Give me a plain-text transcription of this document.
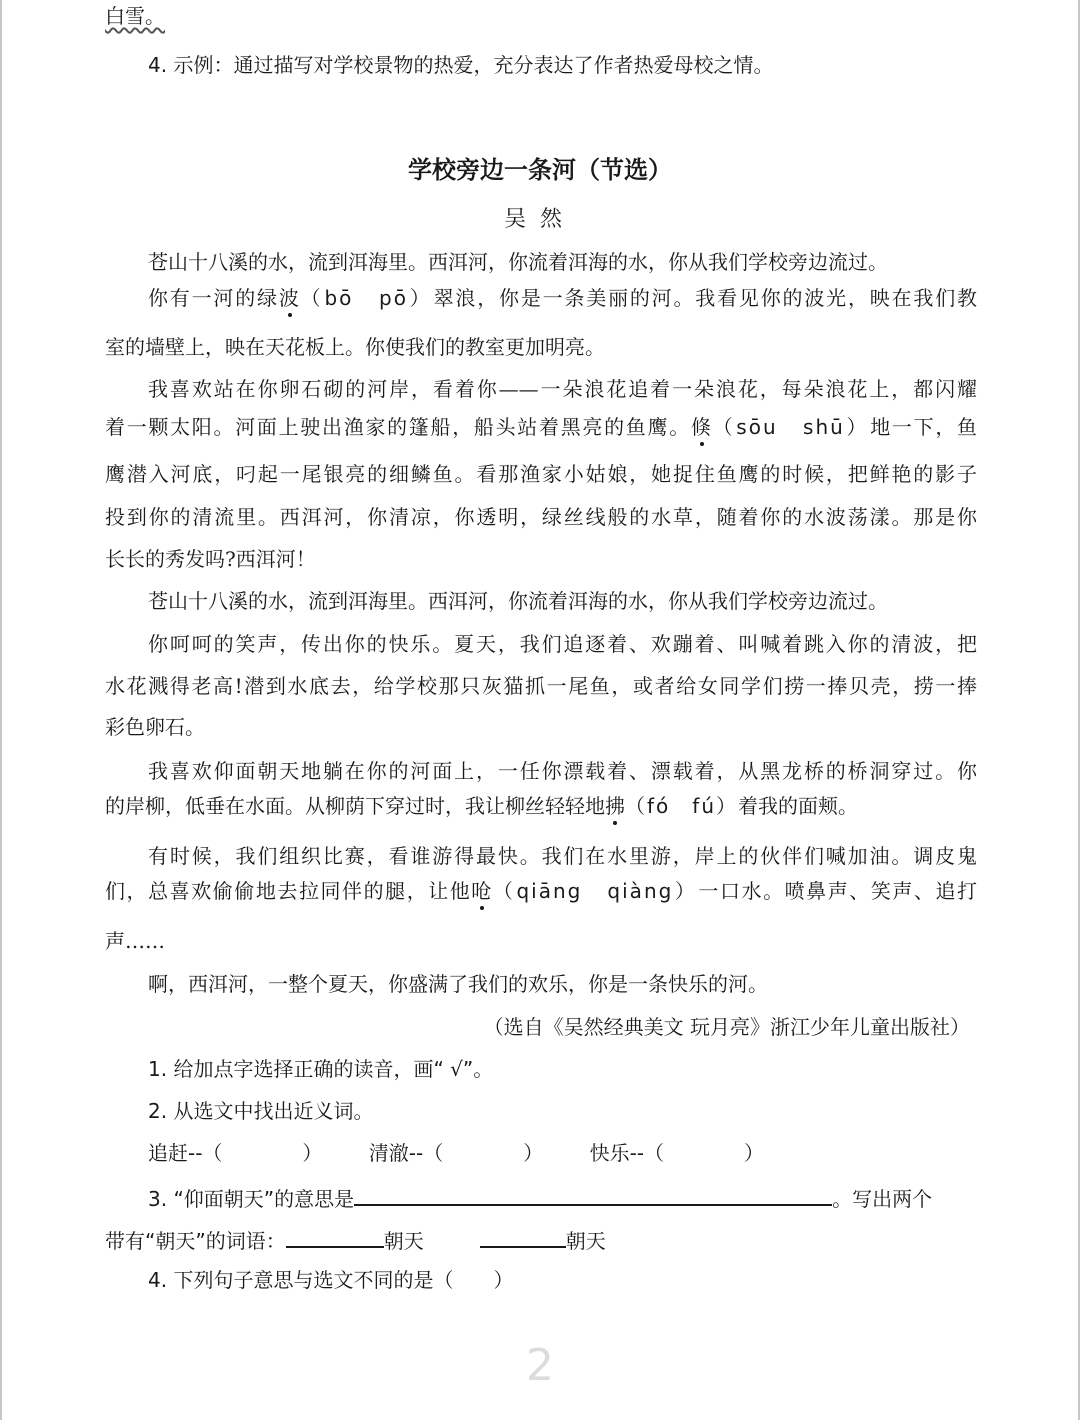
白雪。
4. 示例：通过描写对学校景物的热爱，充分表达了作者热爱母校之情。
学校旁边一条河（节选）
吴然
苍山十八溪的水，流到洱海里。西洱河，你流着洱海的水，你从我们学校旁边流过。
你有一河的绿波（bō　pō）翠浪，你是一条美丽的河。我看见你的波光，映在我们教
室的墙壁上，映在天花板上。你使我们的教室更加明亮。
我喜欢站在你卵石砌的河岸，看着你——一朵浪花追着一朵浪花，每朵浪花上，都闪耀
着一颗太阳。河面上驶出渔家的篷船，船头站着黑亮的鱼鹰。倏（sōu　shū）地一下，鱼
鹰潜入河底，叼起一尾银亮的细鳞鱼。看那渔家小姑娘，她捉住鱼鹰的时候，把鲜艳的影子
投到你的清流里。西洱河，你清凉，你透明，绿丝线般的水草，随着你的水波荡漾。那是你
长长的秀发吗?西洱河！
苍山十八溪的水，流到洱海里。西洱河，你流着洱海的水，你从我们学校旁边流过。
你呵呵的笑声，传出你的快乐。夏天，我们追逐着、欢蹦着、叫喊着跳入你的清波，把
水花溅得老高!潜到水底去，给学校那只灰猫抓一尾鱼，或者给女同学们捞一捧贝壳，捞一捧
彩色卵石。
我喜欢仰面朝天地躺在你的河面上，一任你漂载着、漂载着，从黑龙桥的桥洞穿过。你
的岸柳，低垂在水面。从柳荫下穿过时，我让柳丝轻轻地拂（fó　fú）着我的面颊。
有时候，我们组织比赛，看谁游得最快。我们在水里游，岸上的伙伴们喊加油。调皮鬼
们，总喜欢偷偷地去拉同伴的腿，让他呛（qiāng　qiàng）一口水。喷鼻声、笑声、追打
声……
啊，西洱河，一整个夏天，你盛满了我们的欢乐，你是一条快乐的河。
（选自《吴然经典美文 玩月亮》浙江少年儿童出版社）
1. 给加点字选择正确的读音，画“ √”。
2. 从选文中找出近义词。
追赶--（　　　　） 清澈--（　　　　） 快乐--（　　　　）
3. “仰面朝天”的意思是	。写出两个
带有“朝天”的词语：	朝天	朝天
4. 下列句子意思与选文不同的是（　　）
2
